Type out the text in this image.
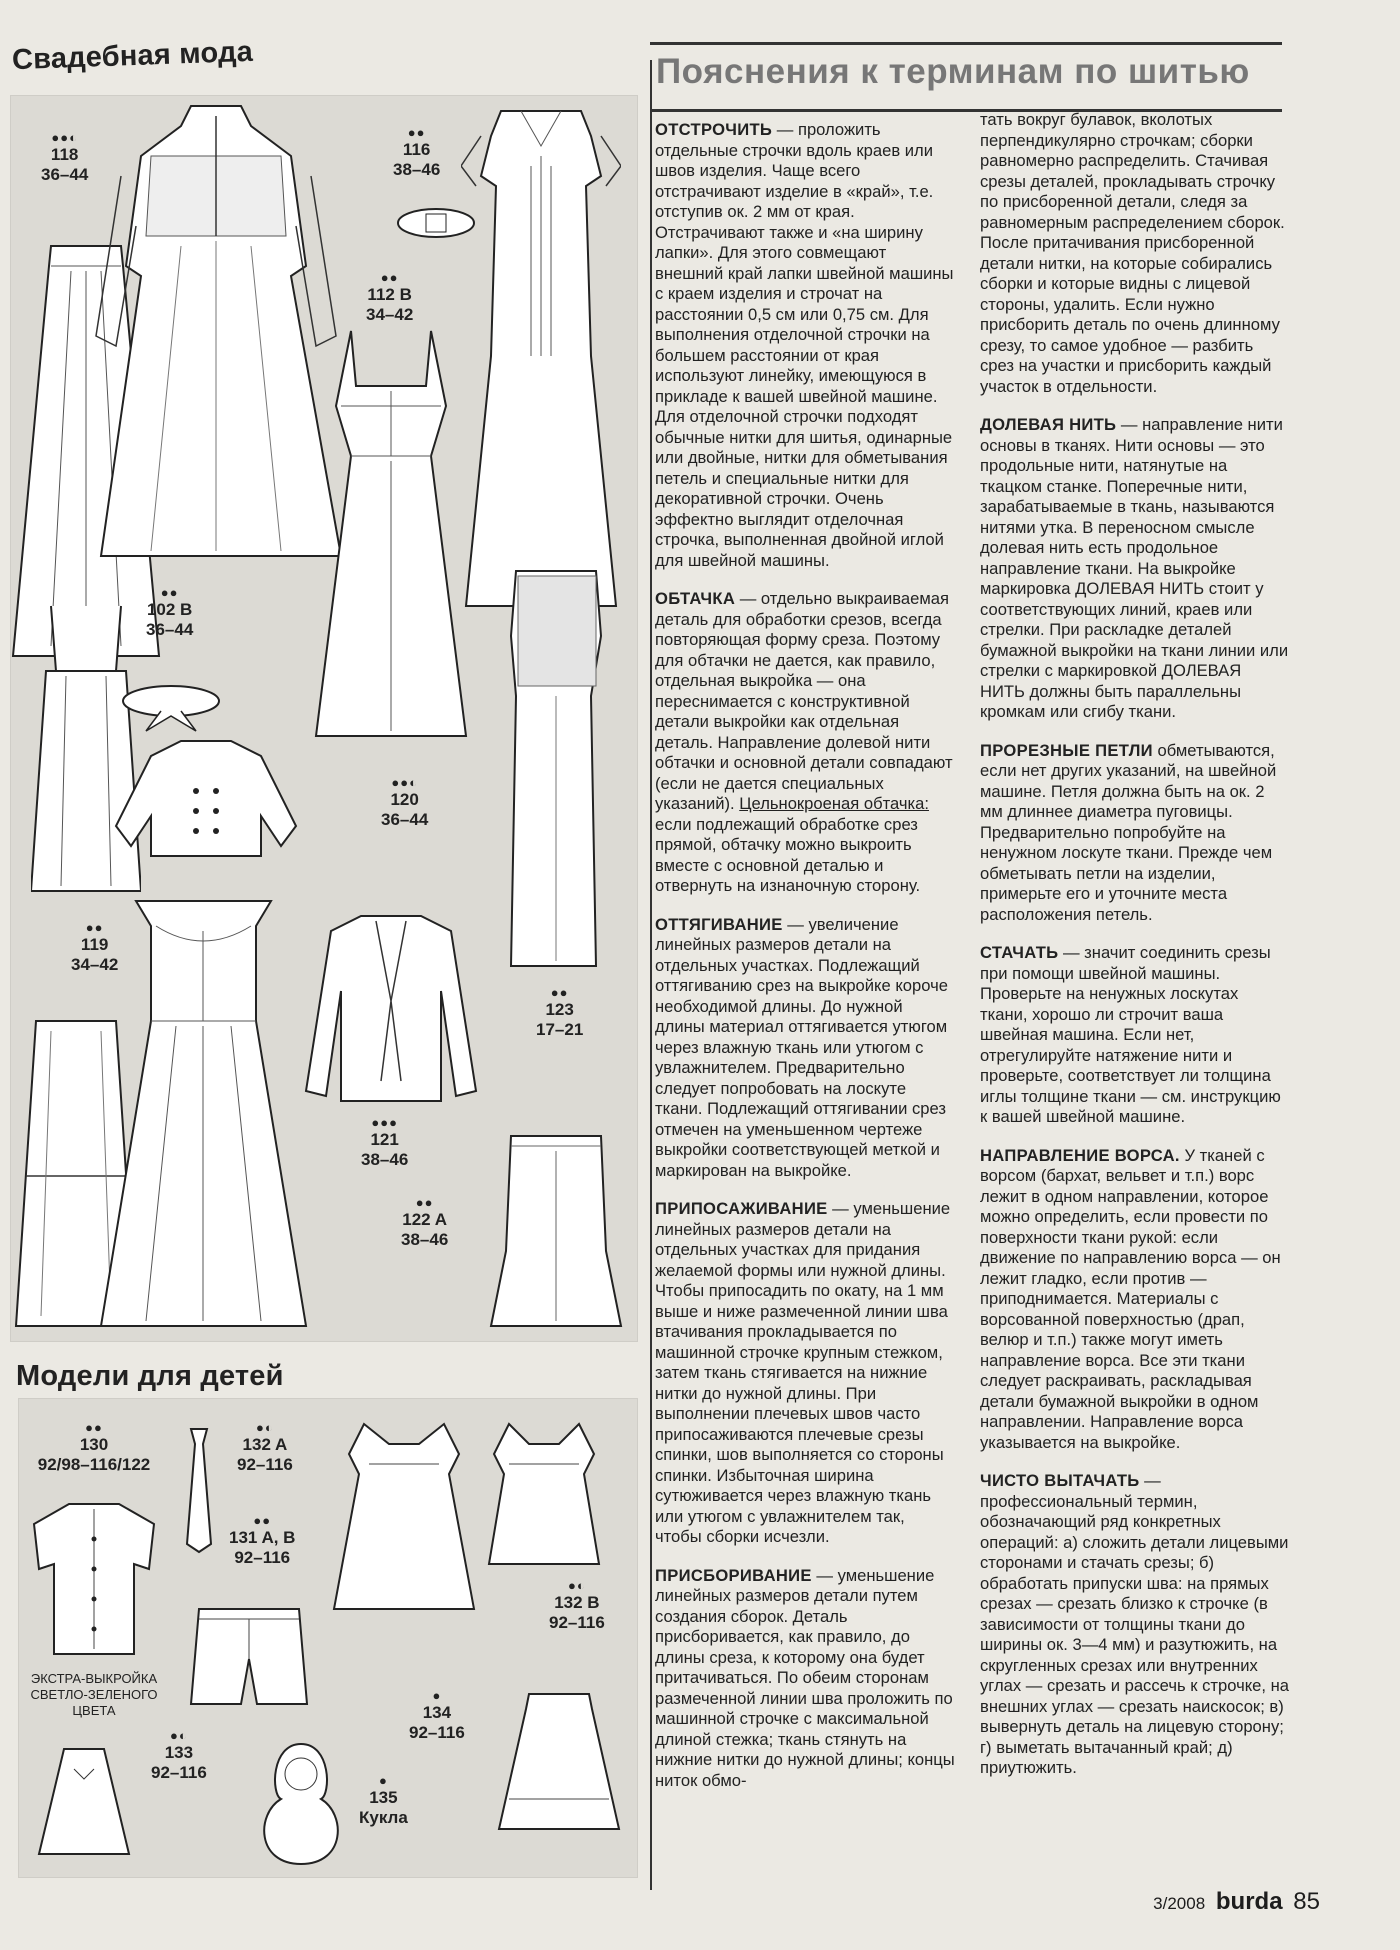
Свадебная мода
●●◐
118
36–44
●●
116
38–46
●●
112 B
34–42
●●
102 B
36–44
●●◐
120
36–44
●●
119
34–42
●●
123
17–21
●●●
121
38–46
●●
122 A
38–46
Модели для детей
●●
130
92/98–116/122
●◐
132 A
92–116
●●
131 A, B
92–116
●◐
132 B
92–116
●
134
92–116
●◐
133
92–116	●
135
Кукла
ЭКСТРА-ВЫКРОЙКА СВЕТЛО-ЗЕЛЕНОГО ЦВЕТА
Пояснения к терминам по шитью

ОТСТРОЧИТЬ — проложить отдельные строчки вдоль краев или швов изделия. Чаще всего отстрачивают изделие в «край», т.е. отступив ок. 2 мм от края. Отстрачивают также и «на ширину лапки». Для этого совмещают внешний край лапки швейной машины с краем изделия и строчат на расстоянии 0,5 см или 0,75 см. Для выполнения отделочной строчки на большем расстоянии от края используют линейку, имеющуюся в прикладе к вашей швейной машине. Для отделочной строчки подходят обычные нитки для шитья, одинарные или двойные, нитки для обметывания петель и специальные нитки для декоративной строчки. Очень эффектно выглядит отделочная строчка, выполненная двойной иглой для швейной машины.

ОБТАЧКА — отдельно выкраиваемая деталь для обработки срезов, всегда повторяющая форму среза. Поэтому для обтачки не дается, как правило, отдельная выкройка — она переснимается с конструктивной детали выкройки как отдельная деталь. Направление долевой нити обтачки и основной детали совпадают (если не дается специальных указаний). Цельнокроеная обтачка: если подлежащий обработке срез прямой, обтачку можно выкроить вместе с основной деталью и отвернуть на изнаночную сторону.

ОТТЯГИВАНИЕ — увеличение линейных размеров детали на отдельных участках. Подлежащий оттягиванию срез на выкройке короче необходимой длины. До нужной длины материал оттягивается утюгом через влажную ткань или утюгом с увлажнителем. Предварительно следует попробовать на лоскуте ткани. Подлежащий оттягивании срез отмечен на уменьшенном чертеже выкройки соответствующей меткой и маркирован на выкройке.

ПРИПОСАЖИВАНИЕ — уменьшение линейных размеров детали на отдельных участках для придания желаемой формы или нужной длины. Чтобы припосадить по окату, на 1 мм выше и ниже размеченной линии шва втачивания прокладывается по машинной строчке крупным стежком, затем ткань стягивается на нижние нитки до нужной длины. При выполнении плечевых швов часто припосаживаются плечевые срезы спинки, шов выполняется со стороны спинки. Избыточная ширина сутюживается через влажную ткань или утюгом с увлажнителем так, чтобы сборки исчезли.

ПРИСБОРИВАНИЕ — уменьшение линейных размеров детали путем создания сборок. Деталь присборивается, как правило, до длины среза, к которому она будет притачиваться. По обеим сторонам размеченной линии шва проложить по машинной строчке с максимальной длиной стежка; ткань стянуть на нижние нитки до нужной длины; концы ниток обмо-

тать вокруг булавок, вколотых перпендикулярно строчкам; сборки равномерно распределить. Стачивая срезы деталей, прокладывать строчку по присборенной детали, следя за равномерным распределением сборок. После притачивания присборенной детали нитки, на которые собирались сборки и которые видны с лицевой стороны, удалить. Если нужно присборить деталь по очень длинному срезу, то самое удобное — разбить срез на участки и присборить каждый участок в отдельности.

ДОЛЕВАЯ НИТЬ — направление нити основы в тканях. Нити основы — это продольные нити, натянутые на ткацком станке. Поперечные нити, зарабатываемые в ткань, называются нитями утка. В переносном смысле долевая нить есть продольное направление ткани. На выкройке маркировка ДОЛЕВАЯ НИТЬ стоит у соответствующих линий, краев или стрелки. При раскладке деталей бумажной выкройки на ткани линии или стрелки с маркировкой ДОЛЕВАЯ НИТЬ должны быть параллельны кромкам или сгибу ткани.

ПРОРЕЗНЫЕ ПЕТЛИ обметываются, если нет других указаний, на швейной машине. Петля должна быть на ок. 2 мм длиннее диаметра пуговицы. Предварительно попробуйте на ненужном лоскуте ткани. Прежде чем обметывать петли на изделии, примерьте его и уточните места расположения петель.

СТАЧАТЬ — значит соединить срезы при помощи швейной машины. Проверьте на ненужных лоскутах ткани, хорошо ли строчит ваша швейная машина. Если нет, отрегулируйте натяжение нити и проверьте, соответствует ли толщина иглы толщине ткани — см. инструкцию к вашей швейной машине.

НАПРАВЛЕНИЕ ВОРСА. У тканей с ворсом (бархат, вельвет и т.п.) ворс лежит в одном направлении, которое можно определить, если провести по поверхности ткани рукой: если движение по направлению ворса — он лежит гладко, если против — приподнимается. Материалы с ворсованной поверхностью (драп, велюр и т.п.) также могут иметь направление ворса. Все эти ткани следует раскраивать, раскладывая детали бумажной выкройки в одном направлении. Направление ворса указывается на выкройке.

ЧИСТО ВЫТАЧАТЬ — профессиональный термин, обозначающий ряд конкретных операций: а) сложить детали лицевыми сторонами и стачать срезы; б) обработать припуски шва: на прямых срезах — срезать близко к строчке (в зависимости от толщины ткани до ширины ок. 3—4 мм) и разутюжить, на скругленных срезах или внутренних углах — срезать и рассечь к строчке, на внешних углах — срезать наискосок; в) вывернуть деталь на лицевую сторону; г) выметать вытачанный край; д) приутюжить.

3/2008 burda 85
